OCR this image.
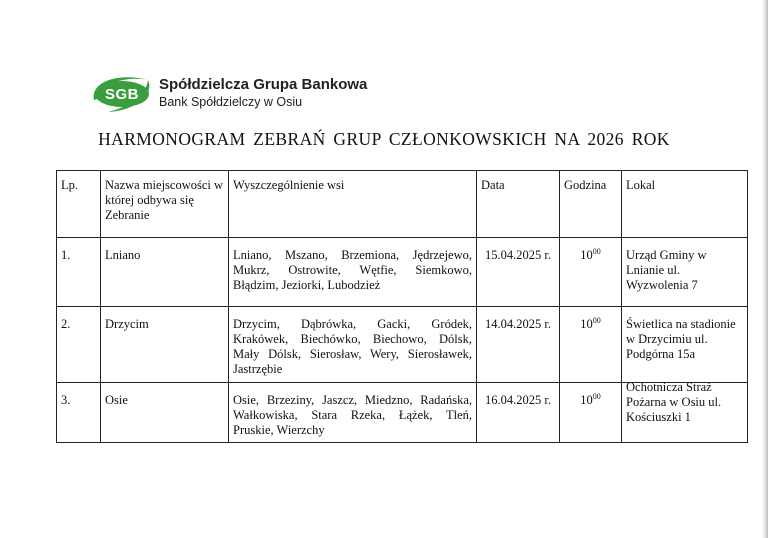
SGB
Spółdzielcza Grupa Bankowa
Bank Spółdzielczy w Osiu
HARMONOGRAM ZEBRAŃ GRUP CZŁONKOWSKICH NA 2026 ROK
Lp.	Nazwa miejscowości w której odbywa się Zebranie	Wyszczególnienie wsi	Data	Godzina	Lokal
1.	Lniano	Lniano, Mszano, Brzemiona, Jędrzejewo, Mukrz, Ostrowite, Wętfie, Siemkowo, Błądzim, Jeziorki, Lubodzież	15.04.2025 r.	$10^{00}$	Urząd Gminy w Lnianie ul. Wyzwolenia 7

2.	Drzycim	Drzycim, Dąbrówka, Gacki, Gródek, Krakówek, Biechówko, Biechowo, Dólsk, Mały Dólsk, Sierosław, Wery, Sierosławek, Jastrzębie	14.04.2025 r.	$10^{00}$	Świetlica na stadionie w Drzycimiu ul. Podgórna 15a

3.	Osie	Osie, Brzeziny, Jaszcz, Miedzno, Radańska, Wałkowiska, Stara Rzeka, Łążek, Tleń, Pruskie, Wierzchy	16.04.2025 r.	$10^{00}$	Ochotnicza Straż Pożarna w Osiu ul. Kościuszki 1
